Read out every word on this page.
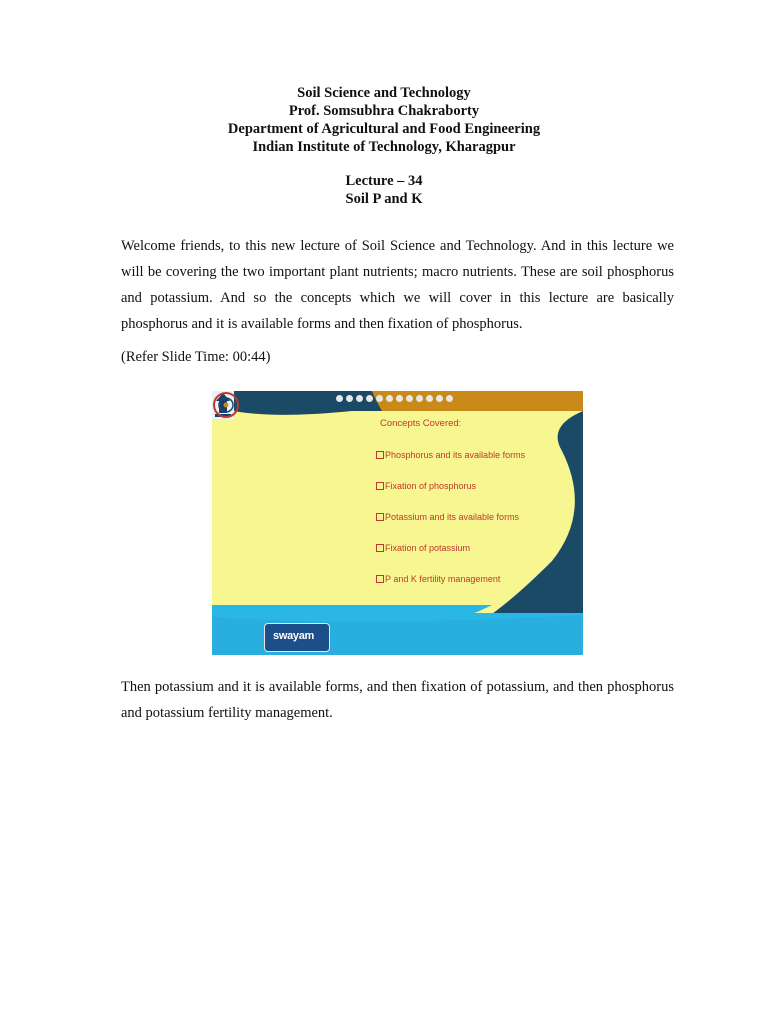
Soil Science and Technology
Prof. Somsubhra Chakraborty
Department of Agricultural and Food Engineering
Indian Institute of Technology, Kharagpur
Lecture – 34
Soil P and K
Welcome friends, to this new lecture of Soil Science and Technology. And in this lecture we will be covering the two important plant nutrients; macro nutrients. These are soil phosphorus and potassium. And so the concepts which we will cover in this lecture are basically phosphorus and it is available forms and then fixation of phosphorus.
(Refer Slide Time: 00:44)
Concepts Covered:
Phosphorus and its available forms
Fixation of phosphorus
Potassium and its available forms
Fixation of potassium
P and K fertility management
swayam
Then potassium and it is available forms, and then fixation of potassium, and then phosphorus and potassium fertility management.
